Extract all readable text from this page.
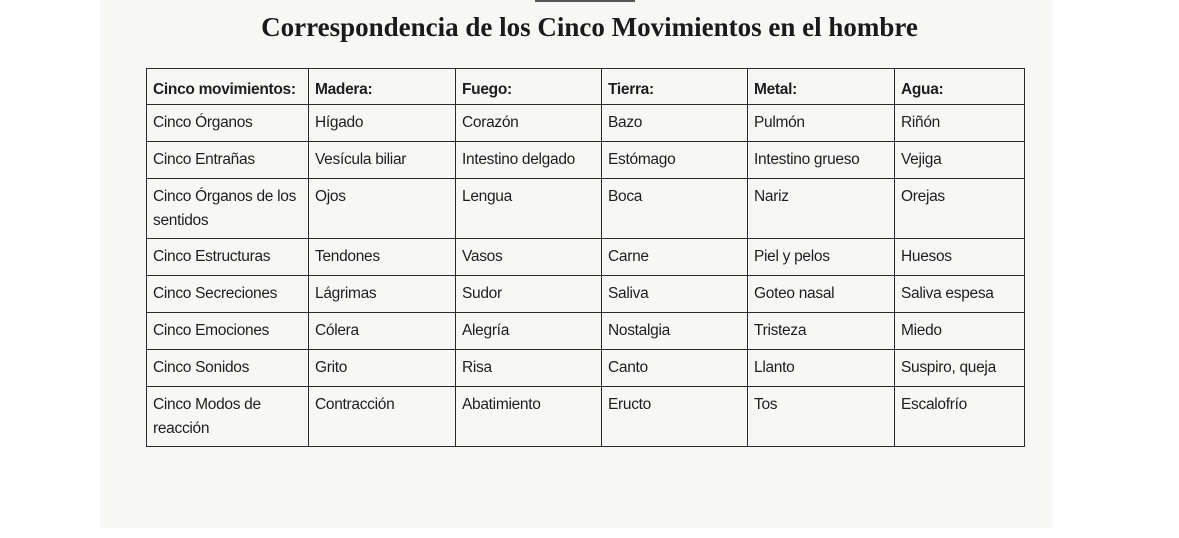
Correspondencia de los Cinco Movimientos en el hombre
Cinco movimientos:	Madera:	Fuego:	Tierra:	Metal:	Agua:
Cinco Órganos	Hígado	Corazón	Bazo	Pulmón	Riñón
Cinco Entrañas	Vesícula biliar	Intestino delgado	Estómago	Intestino grueso	Vejiga
Cinco Órganos de los sentidos	Ojos	Lengua	Boca	Nariz	Orejas
Cinco Estructuras	Tendones	Vasos	Carne	Piel y pelos	Huesos
Cinco Secreciones	Lágrimas	Sudor	Saliva	Goteo nasal	Saliva espesa
Cinco Emociones	Cólera	Alegría	Nostalgia	Tristeza	Miedo
Cinco Sonidos	Grito	Risa	Canto	Llanto	Suspiro, queja
Cinco Modos de reacción	Contracción	Abatimiento	Eructo	Tos	Escalofrío
